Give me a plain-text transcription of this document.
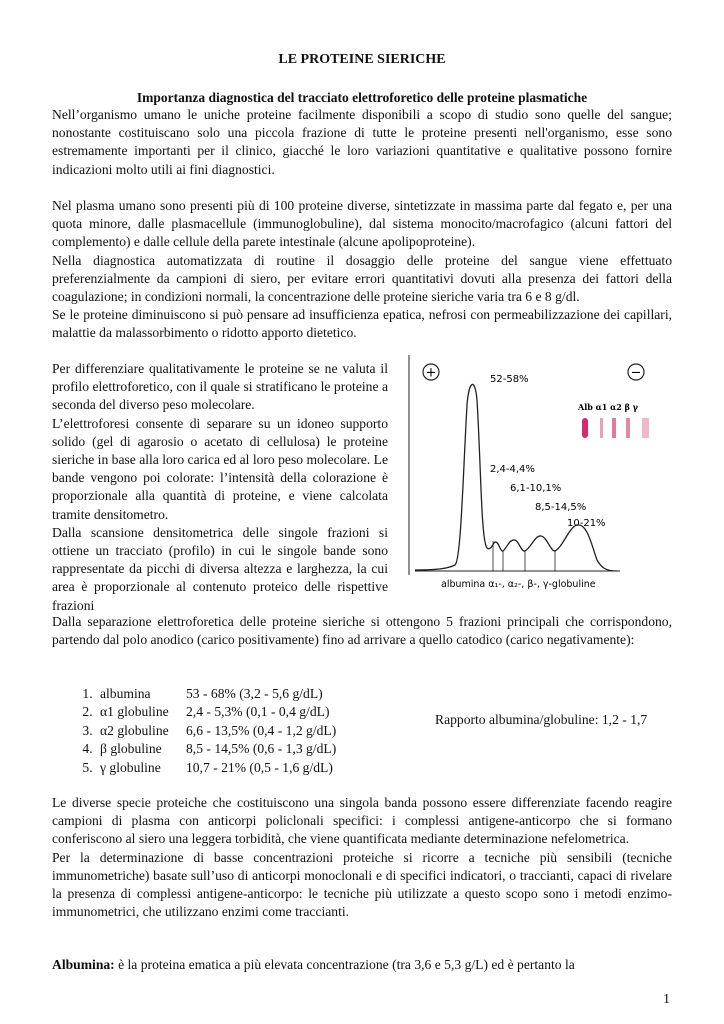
LE PROTEINE SIERICHE
Importanza diagnostica del tracciato elettroforetico delle proteine plasmatiche

Nell’organismo umano le uniche proteine facilmente disponibili a scopo di studio sono quelle del sangue; nonostante costituiscano solo una piccola frazione di tutte le proteine presenti nell'organismo, esse sono estremamente importanti per il clinico, giacché le loro variazioni quantitative e qualitative possono fornire indicazioni molto utili ai fini diagnostici.

Nel plasma umano sono presenti più di 100 proteine diverse, sintetizzate in massima parte dal fegato e, per una quota minore, dalle plasmacellule (immunoglobuline), dal sistema monocito/macrofagico (alcuni fattori del complemento) e dalle cellule della parete intestinale (alcune apolipoproteine).

Nella diagnostica automatizzata di routine il dosaggio delle proteine del sangue viene effettuato preferenzialmente da campioni di siero, per evitare errori quantitativi dovuti alla presenza dei fattori della coagulazione; in condizioni normali, la concentrazione delle proteine sieriche varia tra 6 e 8 g/dl.

Se le proteine diminuiscono si può pensare ad insufficienza epatica, nefrosi con permeabilizzazione dei capillari, malattie da malassorbimento o ridotto apporto dietetico.

Per differenziare qualitativamente le proteine se ne valuta il profilo elettroforetico, con il quale si stratificano le proteine a seconda del diverso peso molecolare.

L’elettroforesi consente di separare su un idoneo supporto solido (gel di agarosio o acetato di cellulosa) le proteine sieriche in base alla loro carica ed al loro peso molecolare. Le bande vengono poi colorate: l’intensità della colorazione è proporzionale alla quantità di proteine, e viene calcolata tramite densitometro.

Dalla scansione densitometrica delle singole frazioni si ottiene un tracciato (profilo) in cui le singole bande sono rappresentate da picchi di diversa altezza e larghezza, la cui area è proporzionale al contenuto proteico delle rispettive frazioni

+	−
52-58%
Alb α1 α2 β γ
2,4-4,4%
6,1-10,1%
8,5-14,5%
10-21%
albumina α₁-, α₂-, β-, γ-globuline

Dalla separazione elettroforetica delle proteine sieriche si ottengono 5 frazioni principali che corrispondono, partendo dal polo anodico (carico positivamente) fino ad arrivare a quello catodico (carico negativamente):

1. albumina	53 - 68% (3,2 - 5,6 g/dL)
2. α1 globuline 2,4 - 5,3% (0,1 - 0,4 g/dL)
3. α2 globuline 6,6 - 13,5% (0,4 - 1,2 g/dL)
4. β globuline 8,5 - 14,5% (0,6 - 1,3 g/dL)
5. γ globuline 10,7 - 21% (0,5 - 1,6 g/dL)
Rapporto albumina/globuline: 1,2 - 1,7

Le diverse specie proteiche che costituiscono una singola banda possono essere differenziate facendo reagire campioni di plasma con anticorpi policlonali specifici: i complessi antigene-anticorpo che si formano conferiscono al siero una leggera torbidità, che viene quantificata mediante determinazione nefelometrica.

Per la determinazione di basse concentrazioni proteiche si ricorre a tecniche più sensibili (tecniche immunometriche) basate sull’uso di anticorpi monoclonali e di specifici indicatori, o traccianti, capaci di rivelare la presenza di complessi antigene-anticorpo: le tecniche più utilizzate a questo scopo sono i metodi enzimo-immunometrici, che utilizzano enzimi come traccianti.

Albumina: è la proteina ematica a più elevata concentrazione (tra 3,6 e 5,3 g/L) ed è pertanto la

1
